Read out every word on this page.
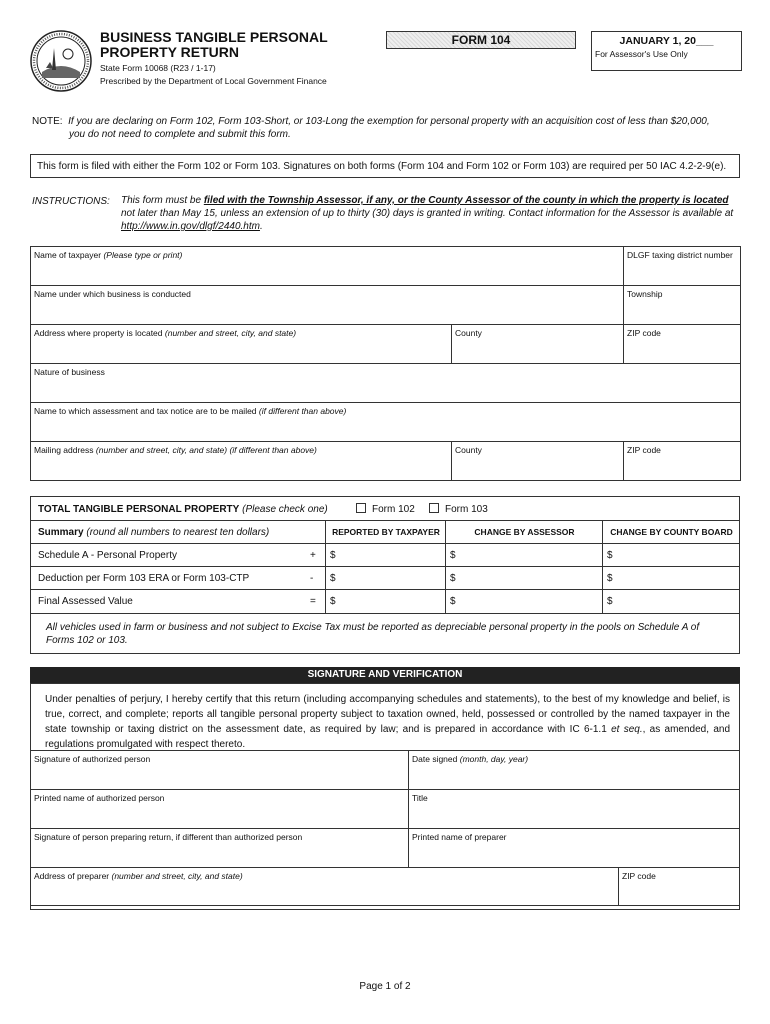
BUSINESS TANGIBLE PERSONAL
PROPERTY RETURN
State Form 10068 (R23 / 1-17)
Prescribed by the Department of Local Government Finance
FORM 104	JANUARY 1, 20___
For Assessor's Use Only
NOTE: If you are declaring on Form 102, Form 103-Short, or 103-Long the exemption for personal property with an acquisition cost of less than $20,000,
you do not need to complete and submit this form.
This form is filed with either the Form 102 or Form 103. Signatures on both forms (Form 104 and Form 102 or Form 103) are required per 50 IAC 4.2-2-9(e).
INSTRUCTIONS: This form must be filed with the Township Assessor, if any, or the County Assessor of the county in which the property is located not later than May 15, unless an extension of up to thirty (30) days is granted in writing. Contact information for the Assessor is available at http://www.in.gov/dlgf/2440.htm.
Name of taxpayer (Please type or print)		DLGF taxing district number
Name under which business is conducted		Township
Address where property is located (number and street, city, and state)	County	ZIP code
Nature of business		
Name to which assessment and tax notice are to be mailed (if different than above)		
Mailing address (number and street, city, and state) (if different than above)	County	ZIP code
TOTAL TANGIBLE PERSONAL PROPERTY (Please check one)	Form 102	Form 103
Summary (round all numbers to nearest ten dollars)	REPORTED BY TAXPAYER	CHANGE BY ASSESSOR	CHANGE BY COUNTY BOARD
Schedule A - Personal Property	+	$	$	$
Deduction per Form 103 ERA or Form 103-CTP	-	$	$	$
Final Assessed Value	=	$	$	$
All vehicles used in farm or business and not subject to Excise Tax must be reported as depreciable personal property in the pools on Schedule A of
Forms 102 or 103.
SIGNATURE AND VERIFICATION
Under penalties of perjury, I hereby certify that this return (including accompanying schedules and statements), to the best of my knowledge and belief, is true, correct, and complete; reports all tangible personal property subject to taxation owned, held, possessed or controlled by the named taxpayer in the state township or taxing district on the assessment date, as required by law; and is prepared in accordance with IC 6-1.1 et seq., as amended, and regulations promulgated with respect thereto.
Signature of authorized person	Date signed (month, day, year)	
Printed name of authorized person	Title	
Signature of person preparing return, if different than authorized person	Printed name of preparer	
Address of preparer (number and street, city, and state)		ZIP code
Page 1 of 2
